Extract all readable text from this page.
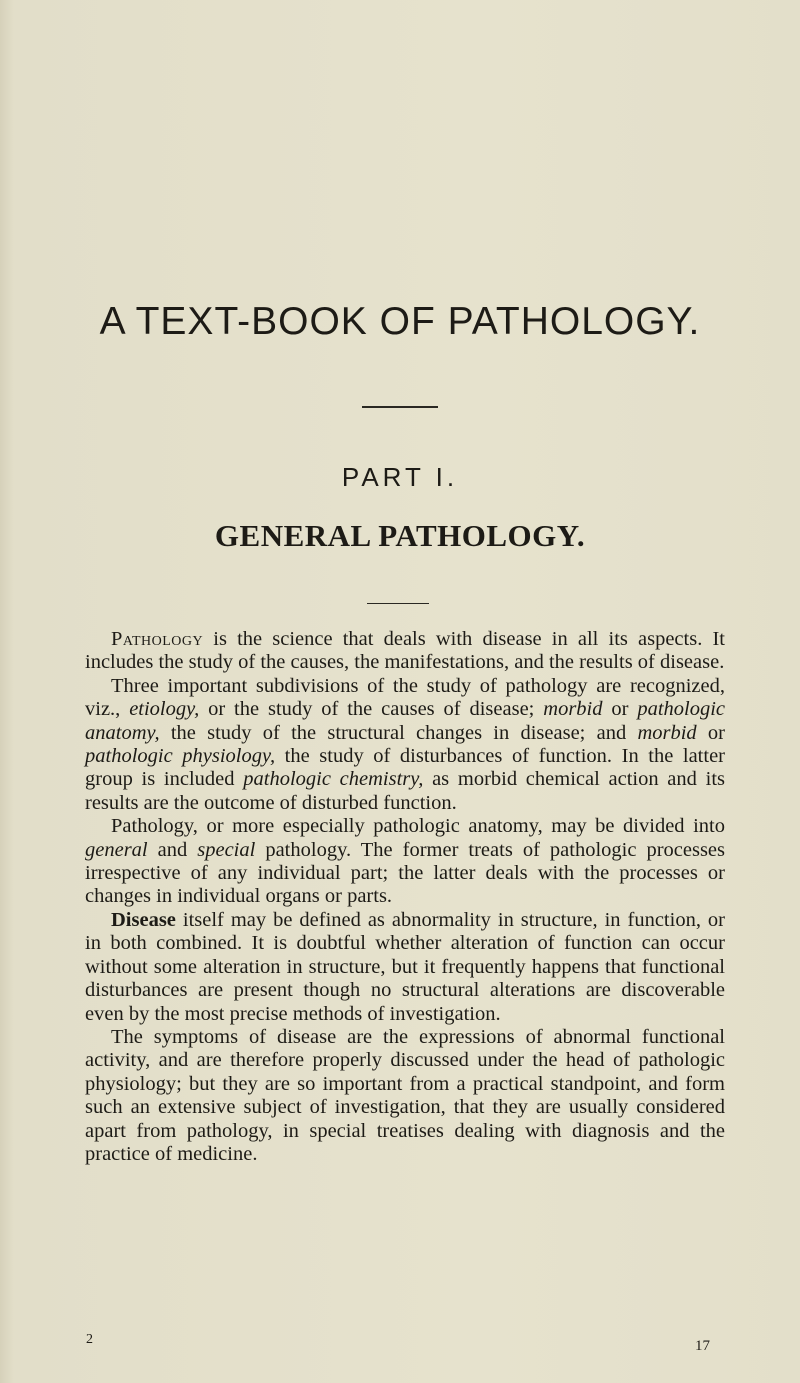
A TEXT-BOOK OF PATHOLOGY.
PART I.
GENERAL PATHOLOGY.

Pathology is the science that deals with disease in all its aspects. It includes the study of the causes, the manifestations, and the results of disease.

Three important subdivisions of the study of pathology are recognized, viz., etiology, or the study of the causes of disease; morbid or pathologic anatomy, the study of the structural changes in disease; and morbid or pathologic physiology, the study of disturbances of function. In the latter group is included pathologic chemistry, as morbid chemical action and its results are the outcome of disturbed function.

Pathology, or more especially pathologic anatomy, may be divided into general and special pathology. The former treats of pathologic processes irrespective of any individual part; the latter deals with the processes or changes in individual organs or parts.

Disease itself may be defined as abnormality in structure, in function, or in both combined. It is doubtful whether alteration of function can occur without some alteration in structure, but it frequently happens that functional disturbances are present though no structural alterations are discoverable even by the most precise methods of investigation.

The symptoms of disease are the expressions of abnormal functional activity, and are therefore properly discussed under the head of pathologic physiology; but they are so important from a practical standpoint, and form such an extensive subject of investigation, that they are usually considered apart from pathology, in special treatises dealing with diagnosis and the practice of medicine.

2	17
